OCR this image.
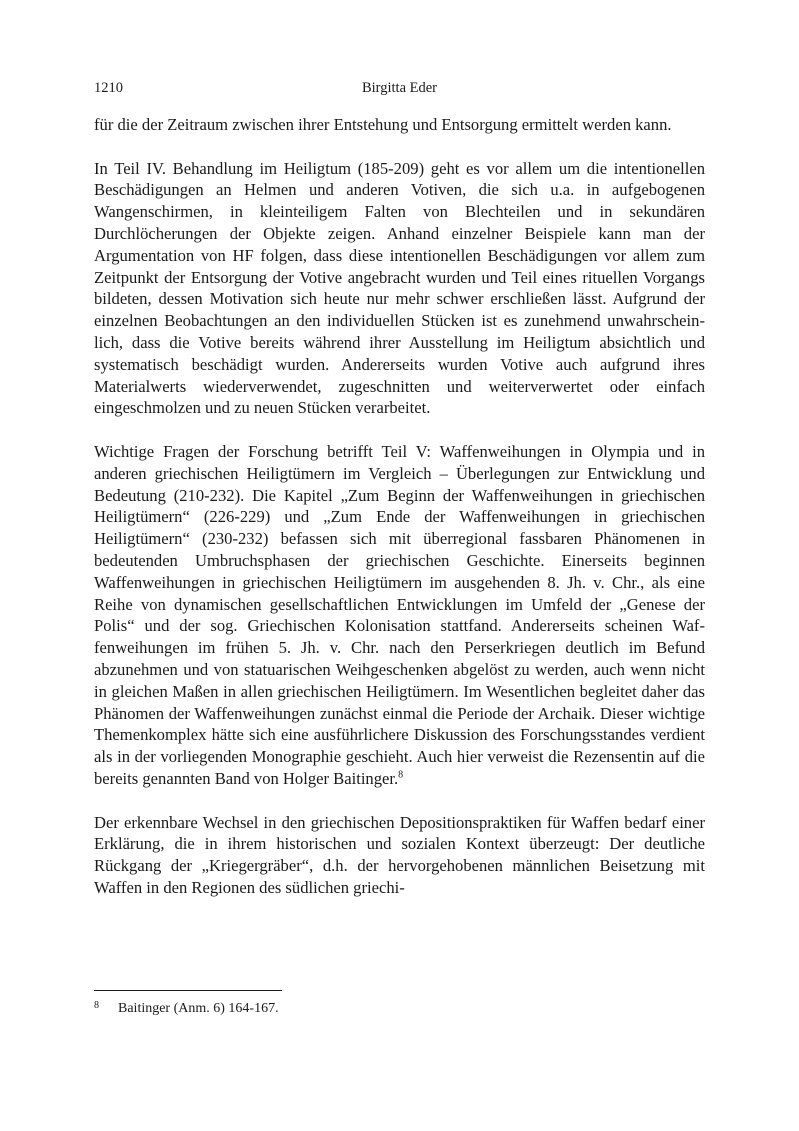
1210	Birgitta Eder

für die der Zeitraum zwischen ihrer Entstehung und Entsorgung ermittelt werden kann.

In Teil IV. Behandlung im Heiligtum (185-209) geht es vor allem um die intentionellen Beschädigungen an Helmen und anderen Votiven, die sich u.a. in aufgebogenen Wangenschirmen, in kleinteiligem Falten von Blechteilen und in sekundären Durchlöcherungen der Objekte zeigen. Anhand einzelner Beispiele kann man der Argumentation von HF folgen, dass diese intentionellen Beschädigungen vor allem zum Zeitpunkt der Entsorgung der Votive angebracht wurden und Teil eines rituellen Vorgangs bildeten, dessen Motivation sich heute nur mehr schwer erschließen lässt. Aufgrund der einzelnen Beobachtungen an den individuellen Stücken ist es zunehmend unwahrscheinlich, dass die Votive bereits während ihrer Ausstellung im Heiligtum absichtlich und systematisch beschädigt wurden. Andererseits wurden Votive auch aufgrund ihres Materialwerts wiederverwendet, zugeschnitten und weiterverwertet oder einfach eingeschmolzen und zu neuen Stücken verarbeitet.

Wichtige Fragen der Forschung betrifft Teil V: Waffenweihungen in Olympia und in anderen griechischen Heiligtümern im Vergleich – Überlegungen zur Entwicklung und Bedeutung (210-232). Die Kapitel „Zum Beginn der Waffenweihungen in griechischen Heiligtümern“ (226-229) und „Zum Ende der Waffenweihungen in griechischen Heiligtümern“ (230-232) befassen sich mit überregional fassbaren Phänomenen in bedeutenden Umbruchsphasen der griechischen Geschichte. Einerseits beginnen Waffenweihungen in griechischen Heiligtümern im ausgehenden 8. Jh. v. Chr., als eine Reihe von dynamischen gesellschaftlichen Entwicklungen im Umfeld der „Genese der Polis“ und der sog. Griechischen Kolonisation stattfand. Andererseits scheinen Waffenweihungen im frühen 5. Jh. v. Chr. nach den Perserkriegen deutlich im Befund abzunehmen und von statuarischen Weihgeschenken abgelöst zu werden, auch wenn nicht in gleichen Maßen in allen griechischen Heiligtümern. Im Wesentlichen begleitet daher das Phänomen der Waffenweihungen zunächst einmal die Periode der Archaik. Dieser wichtige Themenkomplex hätte sich eine ausführlichere Diskussion des Forschungsstandes verdient als in der vorliegenden Monographie geschieht. Auch hier verweist die Rezensentin auf die bereits genannten Band von Holger Baitinger.$^8$

Der erkennbare Wechsel in den griechischen Depositionspraktiken für Waffen bedarf einer Erklärung, die in ihrem historischen und sozialen Kontext überzeugt: Der deutliche Rückgang der „Kriegergräber“, d.h. der hervorgehobenen männlichen Beisetzung mit Waffen in den Regionen des südlichen griechi-

8 Baitinger (Anm. 6) 164-167.
